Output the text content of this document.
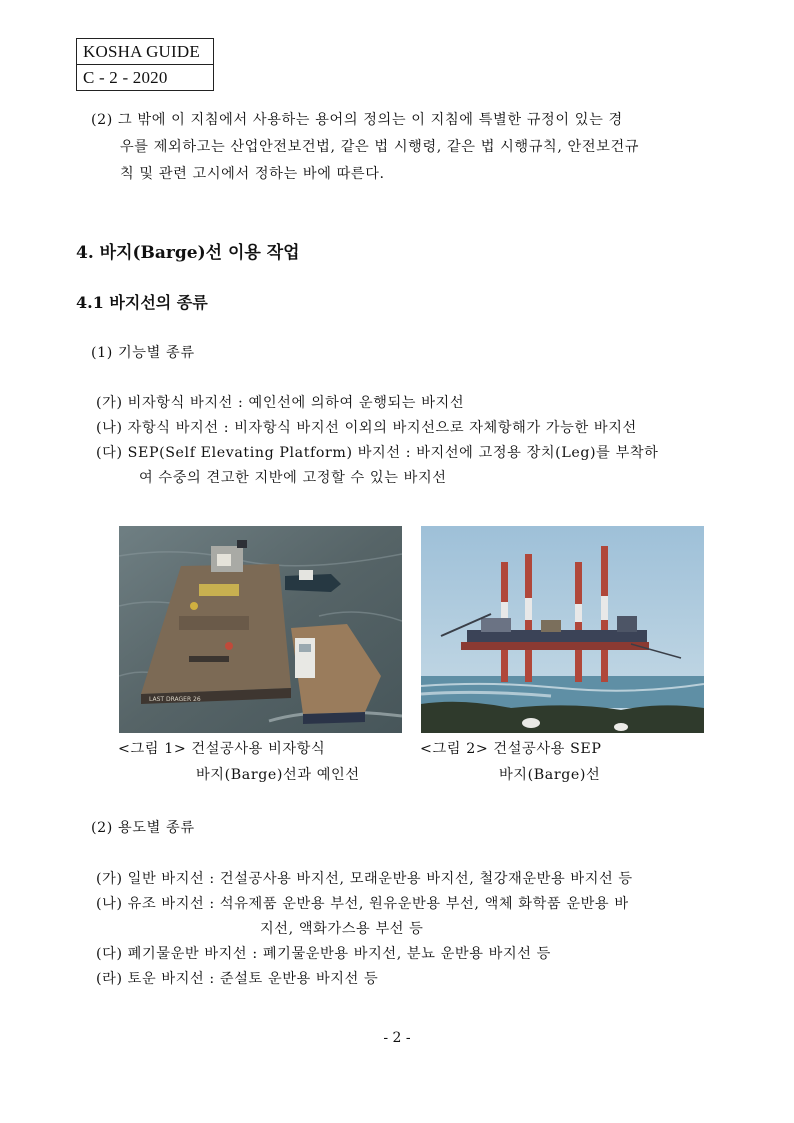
KOSHA GUIDE
C - 2 - 2020
(2) 그 밖에 이 지침에서 사용하는 용어의 정의는 이 지침에 특별한 규정이 있는 경
우를 제외하고는 산업안전보건법, 같은 법 시행령, 같은 법 시행규칙, 안전보건규
칙 및 관련 고시에서 정하는 바에 따른다.
4. 바지(Barge)선 이용 작업
4.1 바지선의 종류
(1) 기능별 종류
(가) 비자항식 바지선 : 예인선에 의하여 운행되는 바지선
(나) 자항식 바지선 : 비자항식 바지선 이외의 바지선으로 자체항해가 가능한 바지선
(다) SEP(Self Elevating Platform) 바지선 : 바지선에 고정용 장치(Leg)를 부착하
여 수중의 견고한 지반에 고정할 수 있는 바지선
LAST DRAGER 26
<그림 1> 건설공사용 비자항식
바지(Barge)선과 예인선
<그림 2> 건설공사용 SEP
바지(Barge)선
(2) 용도별 종류
(가) 일반 바지선 : 건설공사용 바지선, 모래운반용 바지선, 철강재운반용 바지선 등
(나) 유조 바지선 : 석유제품 운반용 부선, 원유운반용 부선, 액체 화학품 운반용 바
지선, 액화가스용 부선 등
(다) 폐기물운반 바지선 : 폐기물운반용 바지선, 분뇨 운반용 바지선 등
(라) 토운 바지선 : 준설토 운반용 바지선 등
- 2 -
